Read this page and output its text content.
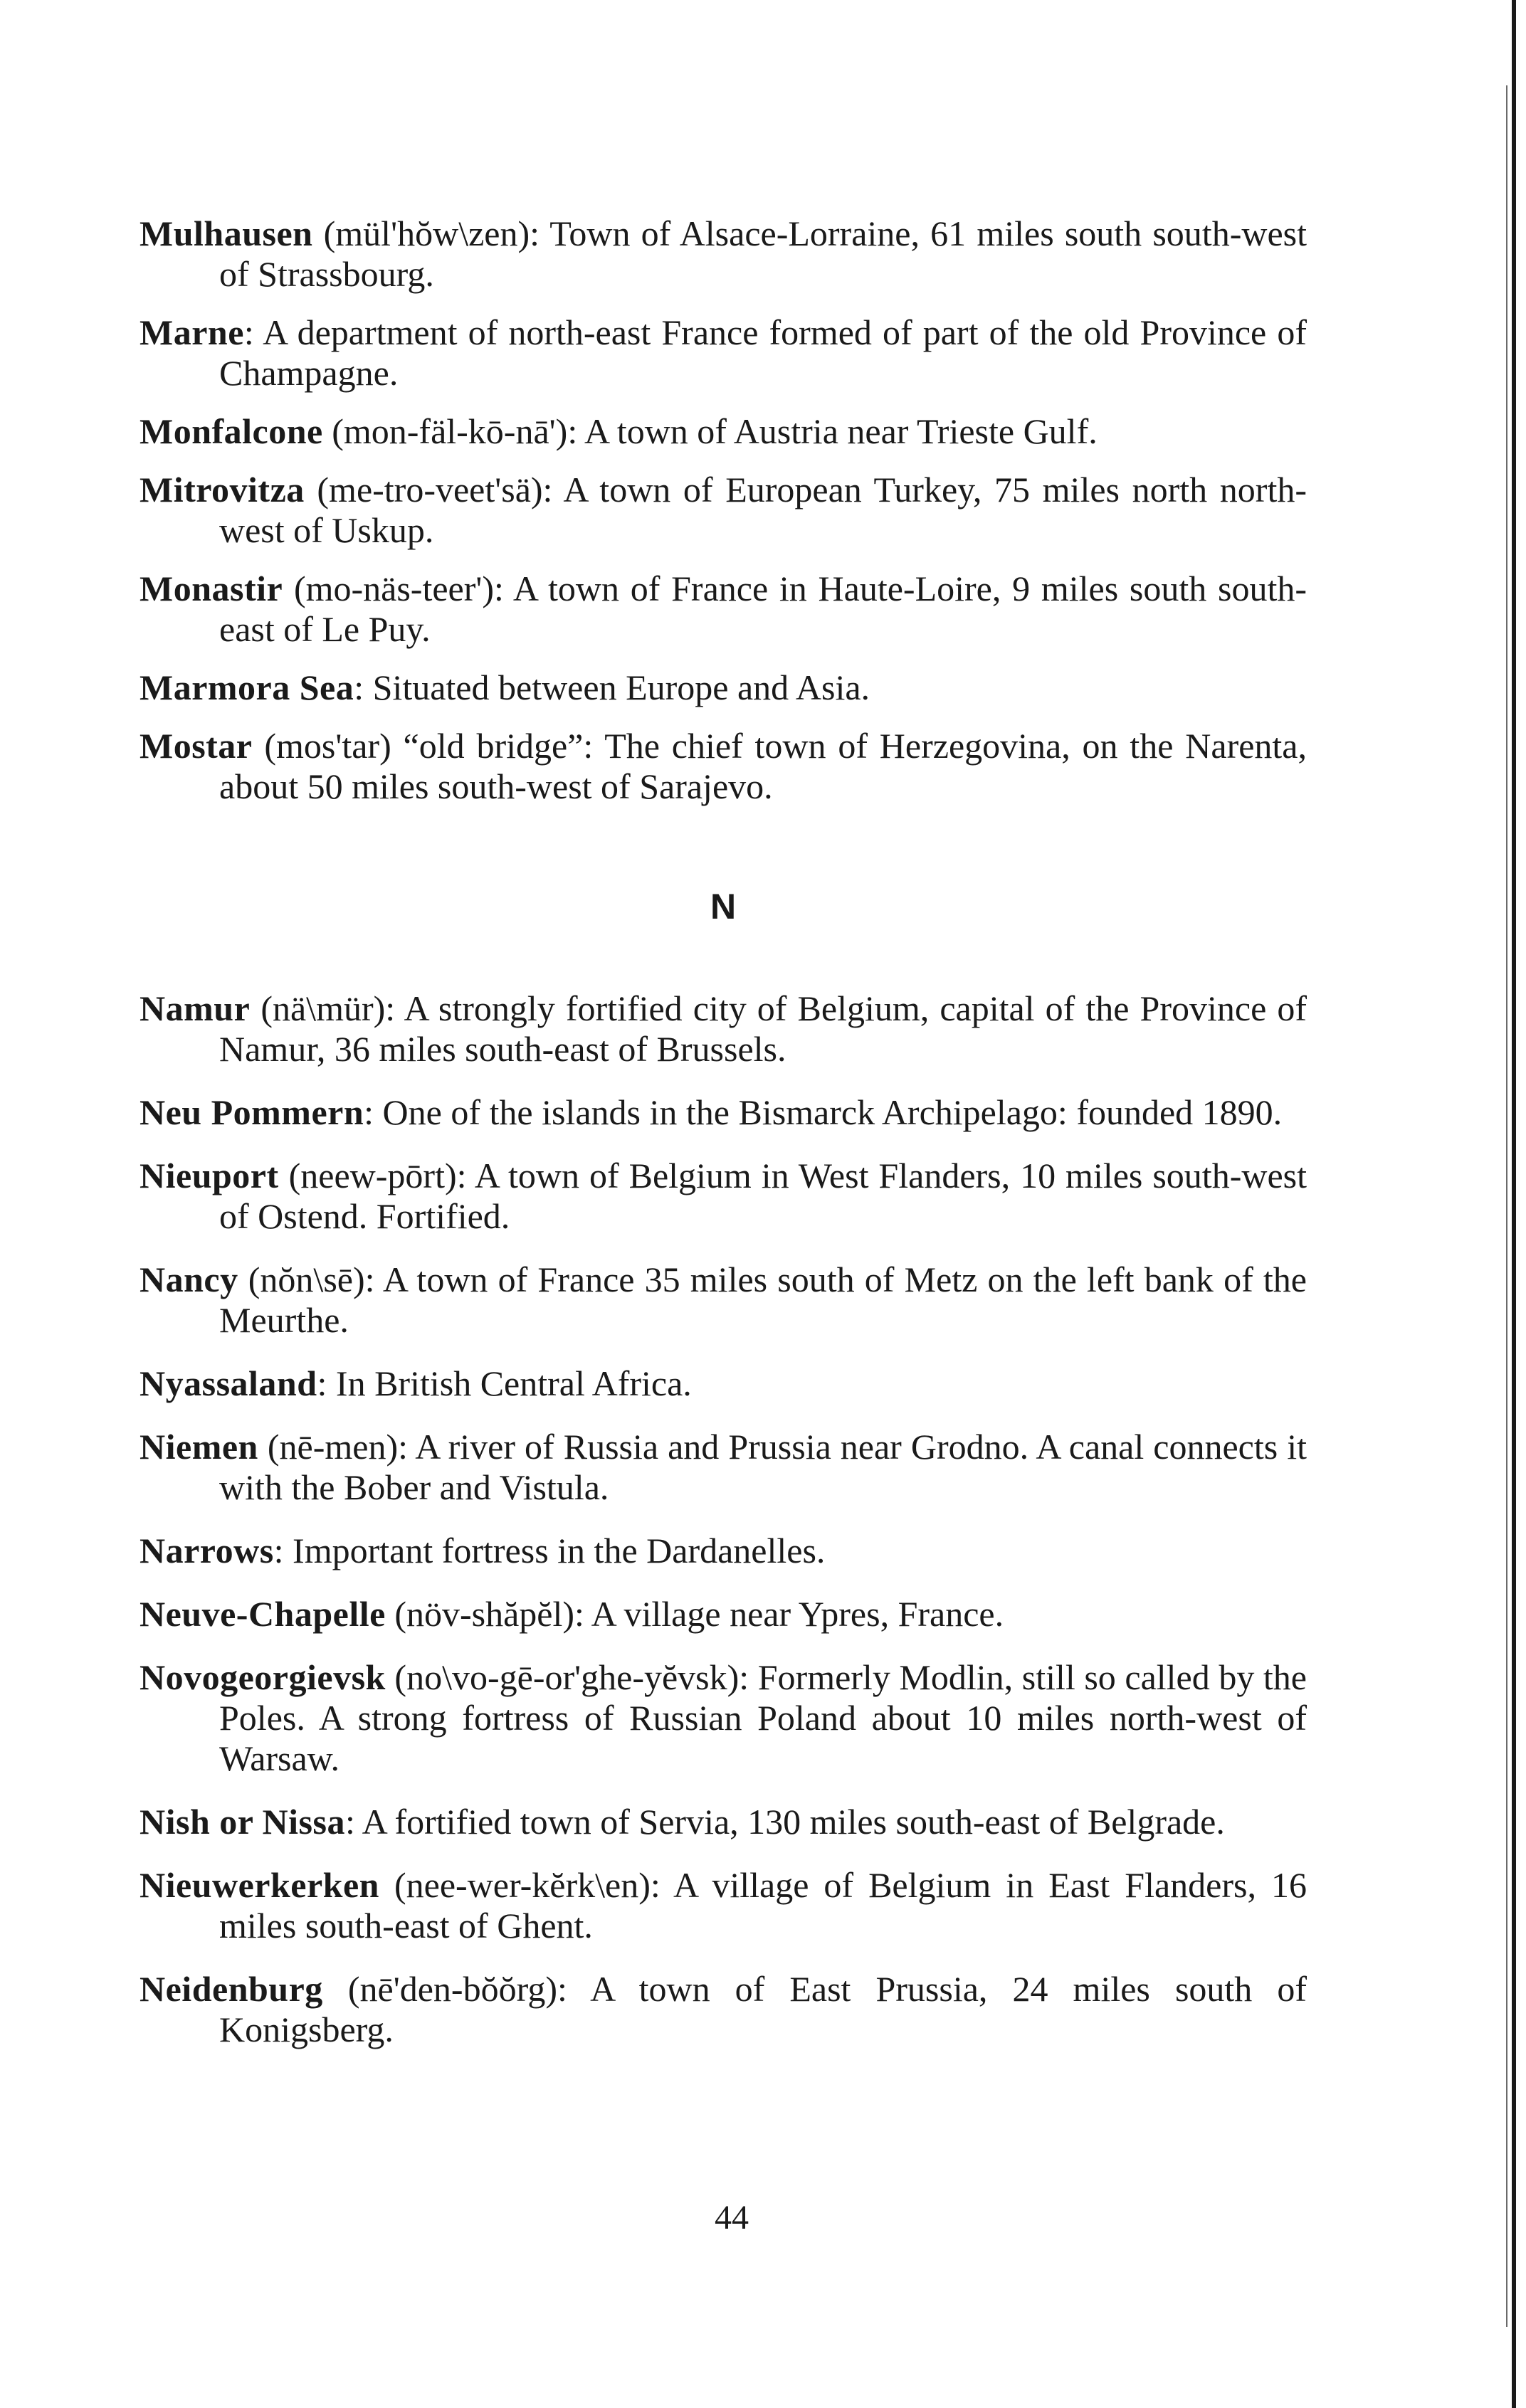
Mulhausen (mül'hŏw\zen): Town of Alsace-Lorraine, 61 miles south south-west of Strassbourg.
Marne: A department of north-east France formed of part of the old Province of Champagne.
Monfalcone (mon-fäl-kō-nā'): A town of Austria near Trieste Gulf.
Mitrovitza (me-tro-veet'sä): A town of European Turkey, 75 miles north north-west of Uskup.
Monastir (mo-näs-teer'): A town of France in Haute-Loire, 9 miles south south-east of Le Puy.
Marmora Sea: Situated between Europe and Asia.
Mostar (mos'tar) “old bridge”: The chief town of Herzegovina, on the Narenta, about 50 miles south-west of Sarajevo.
N
Namur (nä\mür): A strongly fortified city of Belgium, capital of the Province of Namur, 36 miles south-east of Brussels.
Neu Pommern: One of the islands in the Bismarck Archipelago: founded 1890.
Nieuport (neew-pōrt): A town of Belgium in West Flanders, 10 miles south-west of Ostend. Fortified.
Nancy (nŏn\sē): A town of France 35 miles south of Metz on the left bank of the Meurthe.
Nyassaland: In British Central Africa.
Niemen (nē-men): A river of Russia and Prussia near Grodno. A canal connects it with the Bober and Vistula.
Narrows: Important fortress in the Dardanelles.
Neuve-Chapelle (növ-shăpĕl): A village near Ypres, France.
Novogeorgievsk (no\vo-gē-or'ghe-yĕvsk): Formerly Modlin, still so called by the Poles. A strong fortress of Russian Poland about 10 miles north-west of Warsaw.
Nish or Nissa: A fortified town of Servia, 130 miles south-east of Belgrade.
Nieuwerkerken (nee-wer-kĕrk\en): A village of Belgium in East Flanders, 16 miles south-east of Ghent.
Neidenburg (nē'den-bŏŏrg): A town of East Prussia, 24 miles south of Konigsberg.
44
